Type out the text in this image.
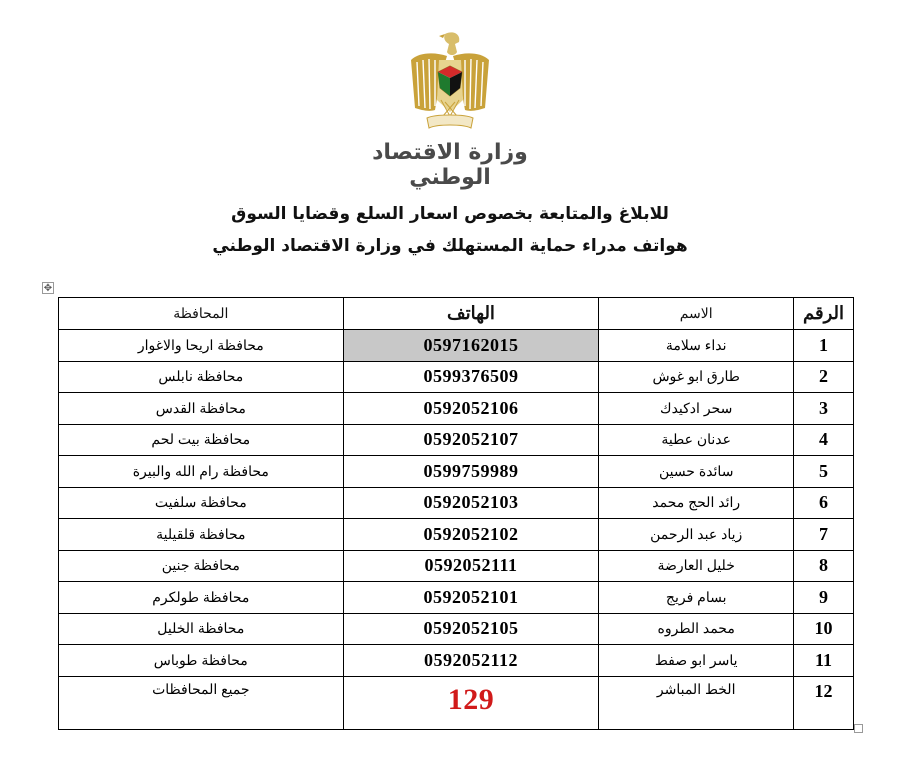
وزارة الاقتصاد الوطني
للابلاغ والمتابعة بخصوص اسعار السلع وقضايا السوق
هواتف مدراء حماية المستهلك في وزارة الاقتصاد الوطني
✥
الرقم	الاسم	الهاتف	المحافظة
1	نداء سلامة	0597162015	محافظة اريحا والاغوار
2	طارق ابو غوش	0599376509	محافظة نابلس
3	سحر ادكيدك	0592052106	محافظة القدس
4	عدنان عطية	0592052107	محافظة بيت لحم
5	سائدة حسين	0599759989	محافظة رام الله والبيرة
6	رائد الحج محمد	0592052103	محافظة سلفيت
7	زياد عبد الرحمن	0592052102	محافظة قلقيلية
8	خليل العارضة	0592052111	محافظة جنين
9	بسام فريج	0592052101	محافظة طولكرم
10	محمد الطروه	0592052105	محافظة الخليل
11	ياسر ابو صفط	0592052112	محافظة طوباس
12	الخط المباشر	129	جميع المحافظات
